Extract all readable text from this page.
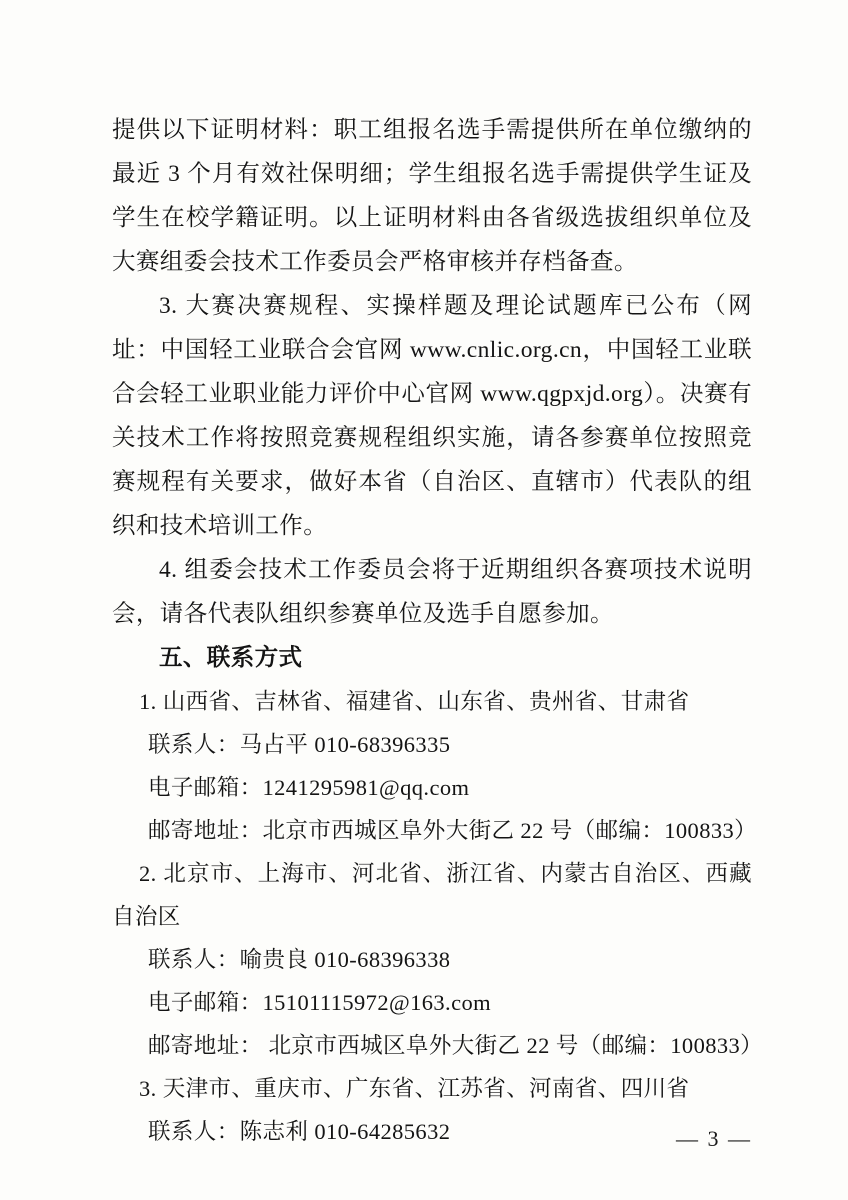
提供以下证明材料：职工组报名选手需提供所在单位缴纳的最近 3 个月有效社保明细；学生组报名选手需提供学生证及学生在校学籍证明。以上证明材料由各省级选拔组织单位及大赛组委会技术工作委员会严格审核并存档备查。

3. 大赛决赛规程、实操样题及理论试题库已公布（网址：中国轻工业联合会官网 www.cnlic.org.cn，中国轻工业联合会轻工业职业能力评价中心官网 www.qgpxjd.org）。决赛有关技术工作将按照竞赛规程组织实施，请各参赛单位按照竞赛规程有关要求，做好本省（自治区、直辖市）代表队的组织和技术培训工作。

4. 组委会技术工作委员会将于近期组织各赛项技术说明会，请各代表队组织参赛单位及选手自愿参加。

五、联系方式

1. 山西省、吉林省、福建省、山东省、贵州省、甘肃省

联系人：马占平 010-68396335

电子邮箱：1241295981@qq.com

邮寄地址：北京市西城区阜外大街乙 22 号（邮编：100833）

2. 北京市、上海市、河北省、浙江省、内蒙古自治区、西藏自治区

联系人：喻贵良 010-68396338

电子邮箱：15101115972@163.com

邮寄地址： 北京市西城区阜外大街乙 22 号（邮编：100833）

3. 天津市、重庆市、广东省、江苏省、河南省、四川省

联系人：陈志利 010-64285632	— 3 —
